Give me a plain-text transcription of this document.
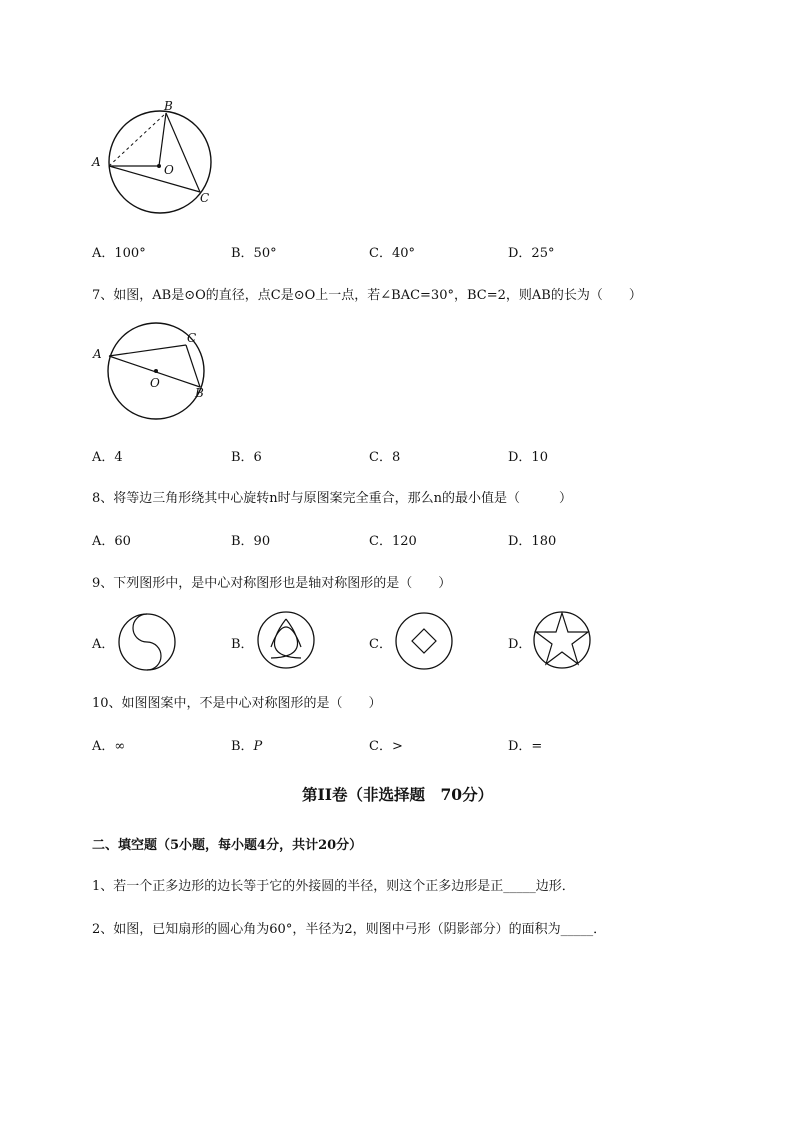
A
B
C
O
A．100°	B．50°	C．40°	D．25°
7、如图，AB是⊙O的直径，点C是⊙O上一点，若∠BAC=30°，BC=2，则AB的长为（　　）
A
B
C
O
A．4	B．6	C．8	D．10
8、将等边三角形绕其中心旋转n时与原图案完全重合，那么n的最小值是（　　　）
A．60	B．90	C．120	D．180
9、下列图形中，是中心对称图形也是轴对称图形的是（　　）
A．	B．	C．	D．
10、如图图案中，不是中心对称图形的是（　　）
A．∞	B．𝑃	C．>	D．=
第II卷（非选择题　70分）
二、填空题（5小题，每小题4分，共计20分）
1、若一个正多边形的边长等于它的外接圆的半径，则这个正多边形是正_____边形．
2、如图，已知扇形的圆心角为60°，半径为2，则图中弓形（阴影部分）的面积为_____．
